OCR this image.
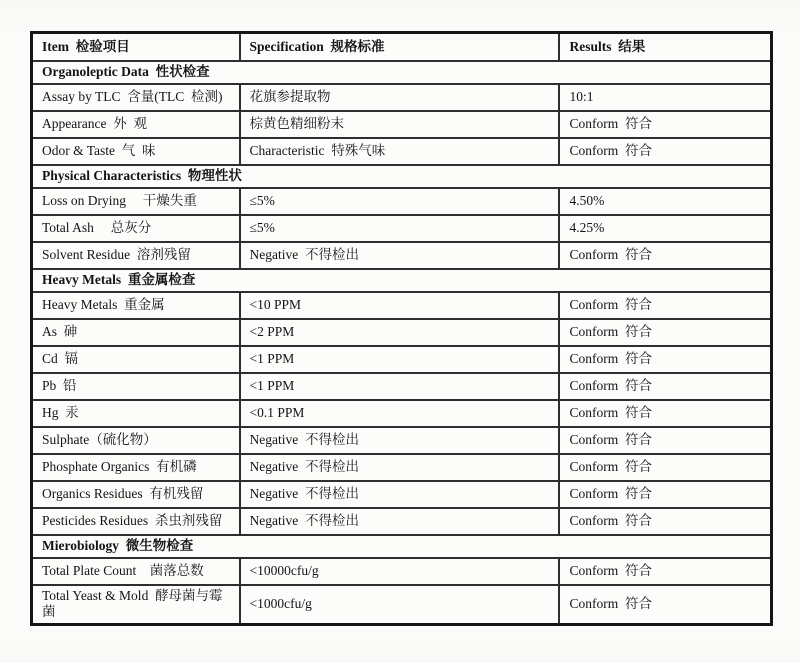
Item  检验项目	Specification  规格标准	Results  结果
Organoleptic Data  性状检查		
Assay by TLC  含量(TLC  检测)	花旗参提取物	10:1
Appearance  外  观	棕黄色精细粉末	Conform  符合
Odor & Taste  气  味	Characteristic  特殊气味	Conform  符合
Physical Characteristics  物理性状		
Loss on Drying     干燥失重	≤5%	4.50%
Total Ash     总灰分	≤5%	4.25%
Solvent Residue  溶剂残留	Negative  不得检出	Conform  符合
Heavy Metals  重金属检查		
Heavy Metals  重金属	<10 PPM	Conform  符合
As  砷	<2 PPM	Conform  符合
Cd  镉	<1 PPM	Conform  符合
Pb  铅	<1 PPM	Conform  符合
Hg  汞	<0.1 PPM	Conform  符合
Sulphate（硫化物）	Negative  不得检出	Conform  符合
Phosphate Organics  有机磷	Negative  不得检出	Conform  符合
Organics Residues  有机残留	Negative  不得检出	Conform  符合
Pesticides Residues  杀虫剂残留	Negative  不得检出	Conform  符合
Mierobiology  微生物检查		
Total Plate Count    菌落总数	<10000cfu/g	Conform  符合
Total Yeast & Mold  酵母菌与霉菌	<1000cfu/g	Conform  符合
